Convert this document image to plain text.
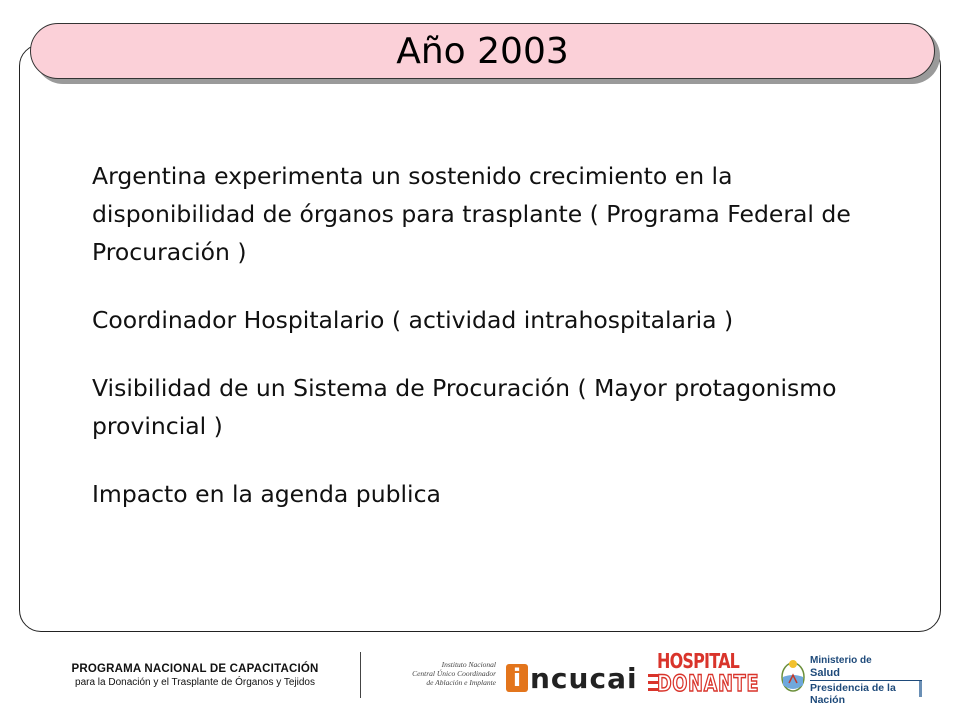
Año 2003

Argentina experimenta un sostenido crecimiento en la disponibilidad de órganos para trasplante ( Programa Federal de Procuración )

Coordinador Hospitalario ( actividad intrahospitalaria )

Visibilidad de un Sistema de Procuración ( Mayor protagonismo provincial )

Impacto en la agenda publica

PROGRAMA NACIONAL DE CAPACITACIÓN
para la Donación y el Trasplante de Órganos y Tejidos
Instituto Nacional
Central Único Coordinador
de Ablación e Implante i ncucai
HOSPITAL
DONANTE
Ministerio de
Salud
Presidencia de la Nación
